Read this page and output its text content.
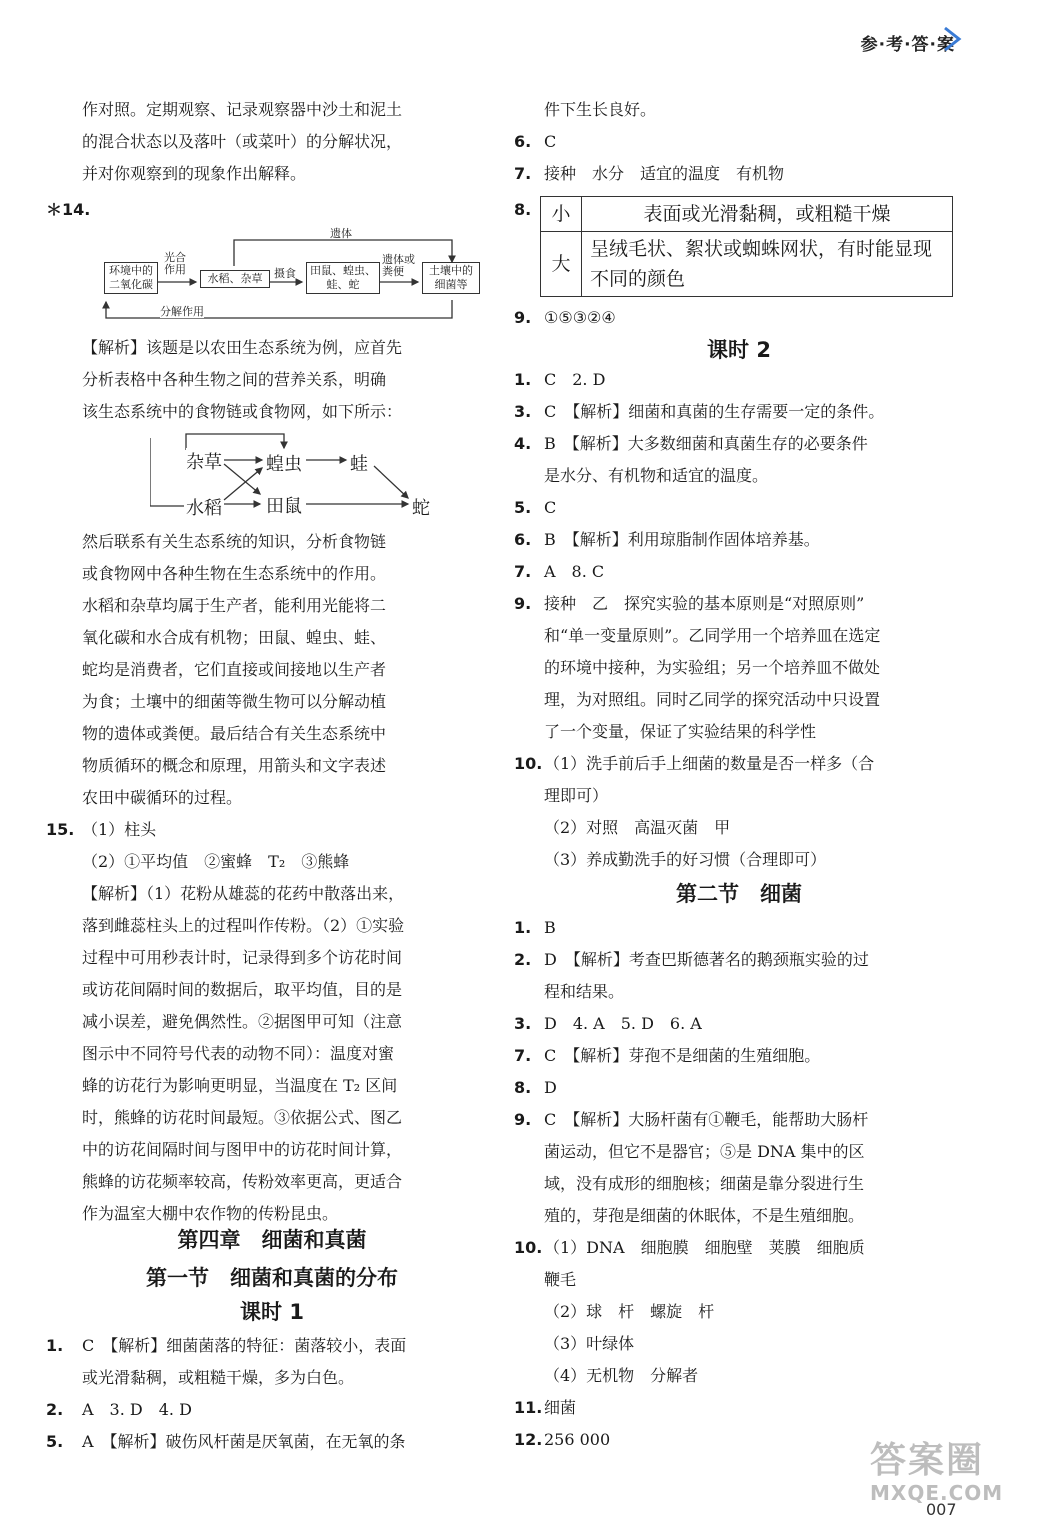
参·考·答·案
作对照。定期观察、记录观察器中沙土和泥土
的混合状态以及落叶（或菜叶）的分解状况，
并对你观察到的现象作出解释。
＊14.
环境中的二氧化碳	水稻、杂草
田鼠、蝗虫、蛙、蛇
土壤中的细菌等
光合作用	摄食
遗体或粪便
遗体
分解作用
【解析】该题是以农田生态系统为例，应首先
分析表格中各种生物之间的营养关系，明确
该生态系统中的食物链或食物网，如下所示：
杂草 蝗虫	蛙
水稻 田鼠	蛇
然后联系有关生态系统的知识，分析食物链
或食物网中各种生物在生态系统中的作用。
水稻和杂草均属于生产者，能利用光能将二
氧化碳和水合成有机物；田鼠、蝗虫、蛙、
蛇均是消费者，它们直接或间接地以生产者
为食；土壤中的细菌等微生物可以分解动植
物的遗体或粪便。最后结合有关生态系统中
物质循环的概念和原理，用箭头和文字表述
农田中碳循环的过程。
15. （1）柱头
（2）①平均值　②蜜蜂　T₂　③熊蜂
【解析】（1）花粉从雄蕊的花药中散落出来，
落到雌蕊柱头上的过程叫作传粉。（2）①实验
过程中可用秒表计时，记录得到多个访花时间
或访花间隔时间的数据后，取平均值，目的是
减小误差，避免偶然性。②据图甲可知（注意
图示中不同符号代表的动物不同）：温度对蜜
蜂的访花行为影响更明显，当温度在 T₂ 区间
时，熊蜂的访花时间最短。③依据公式、图乙
中的访花间隔时间与图甲中的访花时间计算，
熊蜂的访花频率较高，传粉效率更高，更适合
作为温室大棚中农作物的传粉昆虫。
第四章　细菌和真菌
第一节　细菌和真菌的分布
课时 1
1. C　【解析】细菌菌落的特征：菌落较小，表面
或光滑黏稠，或粗糙干燥，多为白色。
2. A　3. D　4. D
5. A　【解析】破伤风杆菌是厌氧菌，在无氧的条
件下生长良好。
6. C
7. 接种　水分　适宜的温度　有机物
8. 小	表面或光滑黏稠，或粗糙干燥
大	呈绒毛状、絮状或蜘蛛网状，有时能显现不同的颜色
9. ①⑤③②④
课时 2
1. C　2. D
3. C　【解析】细菌和真菌的生存需要一定的条件。
4. B　【解析】大多数细菌和真菌生存的必要条件
是水分、有机物和适宜的温度。
5. C
6. B　【解析】利用琼脂制作固体培养基。
7. A　8. C
9. 接种　乙　探究实验的基本原则是“对照原则”
和“单一变量原则”。乙同学用一个培养皿在选定
的环境中接种，为实验组；另一个培养皿不做处
理，为对照组。同时乙同学的探究活动中只设置
了一个变量，保证了实验结果的科学性
10. （1）洗手前后手上细菌的数量是否一样多（合
理即可）
（2）对照　高温灭菌　甲
（3）养成勤洗手的好习惯（合理即可）
第二节　细菌
1. B
2. D　【解析】考查巴斯德著名的鹅颈瓶实验的过
程和结果。
3. D　4. A　5. D　6. A
7. C　【解析】芽孢不是细菌的生殖细胞。
8. D
9. C　【解析】大肠杆菌有①鞭毛，能帮助大肠杆
菌运动，但它不是器官；⑤是 DNA 集中的区
域，没有成形的细胞核；细菌是靠分裂进行生
殖的，芽孢是细菌的休眠体，不是生殖细胞。
10. （1）DNA　细胞膜　细胞壁　荚膜　细胞质
鞭毛
（2）球　杆　螺旋　杆
（3）叶绿体
（4）无机物　分解者
11. 细菌
12. 256 000
007
答案圈
MXQE.COM
